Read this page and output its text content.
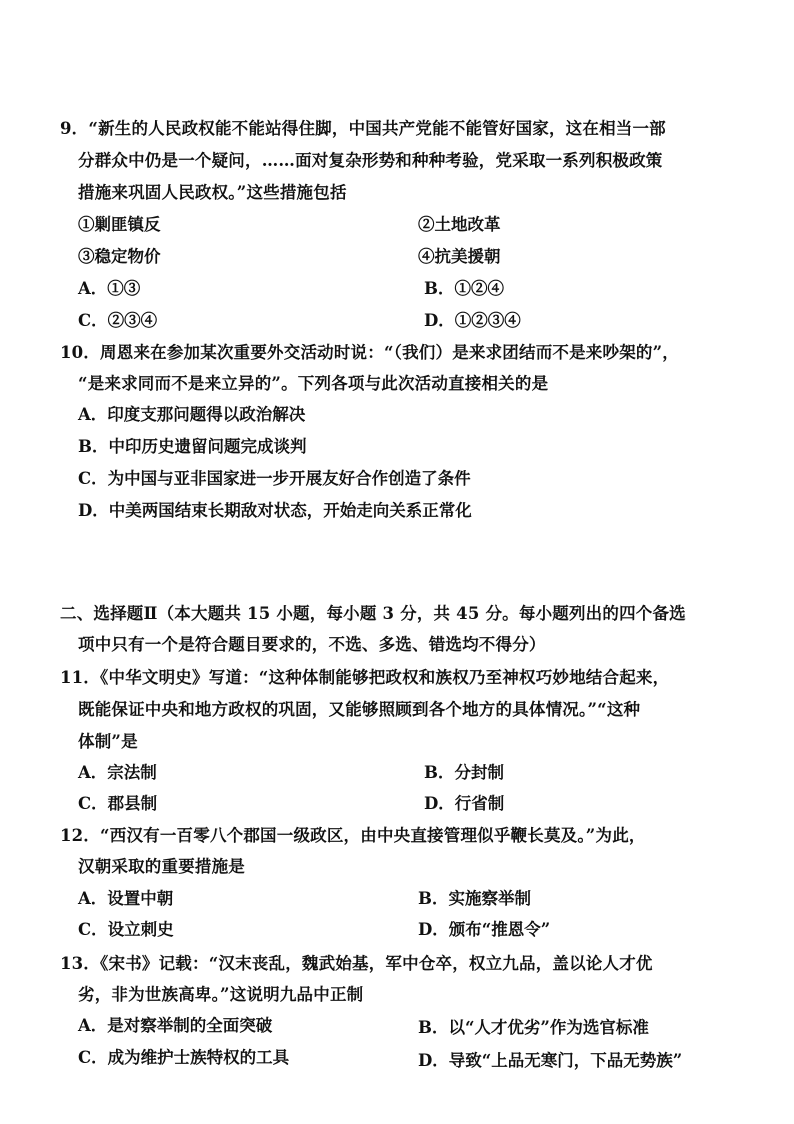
9．“新生的人民政权能不能站得住脚，中国共产党能不能管好国家，这在相当一部
分群众中仍是一个疑问，……面对复杂形势和种种考验，党采取一系列积极政策
措施来巩固人民政权。”这些措施包括
①剿匪镇反	②土地改革
③稳定物价	④抗美援朝
A．①③	B．①②④
C．②③④	D．①②③④
10．周恩来在参加某次重要外交活动时说：“（我们）是来求团结而不是来吵架的”，
“是来求同而不是来立异的”。下列各项与此次活动直接相关的是
A．印度支那问题得以政治解决
B．中印历史遗留问题完成谈判
C．为中国与亚非国家进一步开展友好合作创造了条件
D．中美两国结束长期敌对状态，开始走向关系正常化
二、选择题Ⅱ（本大题共 15 小题，每小题 3 分，共 45 分。每小题列出的四个备选
项中只有一个是符合题目要求的，不选、多选、错选均不得分）
11．《中华文明史》写道：“这种体制能够把政权和族权乃至神权巧妙地结合起来，
既能保证中央和地方政权的巩固，又能够照顾到各个地方的具体情况。”“这种
体制”是
A．宗法制	B．分封制
C．郡县制	D．行省制
12．“西汉有一百零八个郡国一级政区，由中央直接管理似乎鞭长莫及。”为此，
汉朝采取的重要措施是
A．设置中朝	B．实施察举制
C．设立刺史	D．颁布“推恩令”
13．《宋书》记载：“汉末丧乱，魏武始基，军中仓卒，权立九品，盖以论人才优
劣，非为世族高卑。”这说明九品中正制
A．是对察举制的全面突破	B．以“人才优劣”作为选官标准
C．成为维护士族特权的工具	D．导致“上品无寒门，下品无势族”
